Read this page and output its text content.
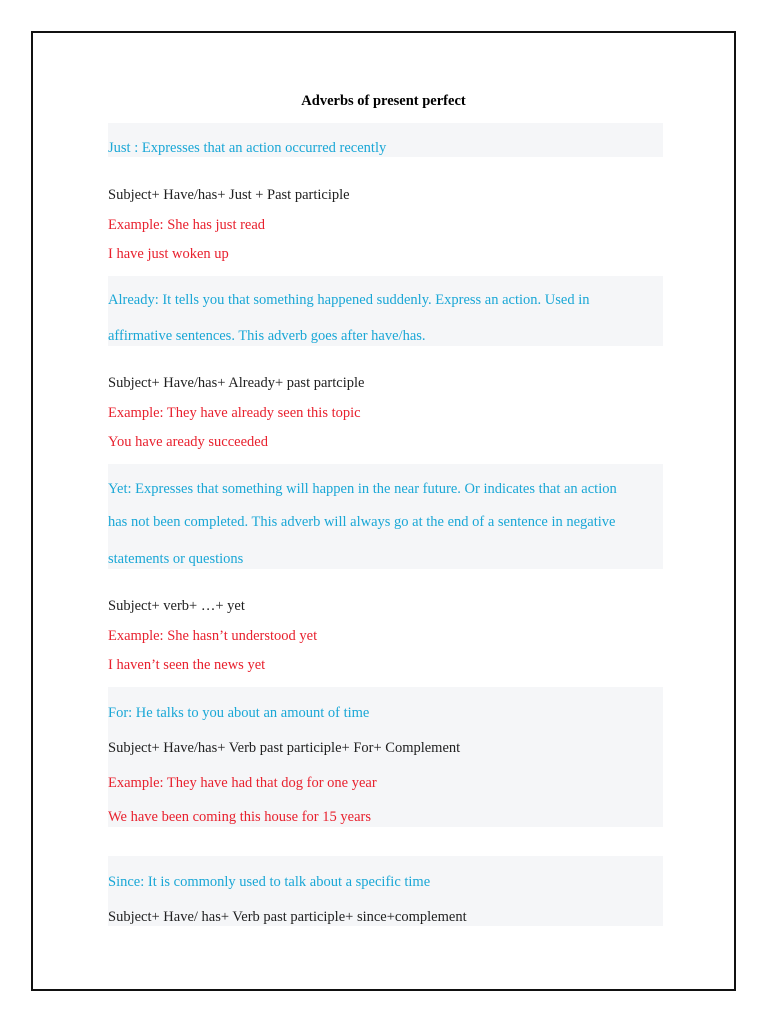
Adverbs of present perfect
Just : Expresses that an action occurred recently
Subject+ Have/has+ Just + Past participle
Example: She has just read
I have just woken up
Already: It tells you that something happened suddenly. Express an action. Used in
affirmative sentences. This adverb goes after have/has.
Subject+ Have/has+ Already+ past partciple
Example: They have already seen this topic
You have aready succeeded
Yet: Expresses that something will happen in the near future. Or indicates that an action
has not been completed. This adverb will always go at the end of a sentence in negative
statements or questions
Subject+ verb+ …+ yet
Example: She hasn’t understood yet
I haven’t seen the news yet
For: He talks to you about an amount of time
Subject+ Have/has+ Verb past participle+ For+ Complement
Example: They have had that dog for one year
We have been coming this house for 15 years
Since: It is commonly used to talk about a specific time
Subject+ Have/ has+ Verb past participle+ since+complement
